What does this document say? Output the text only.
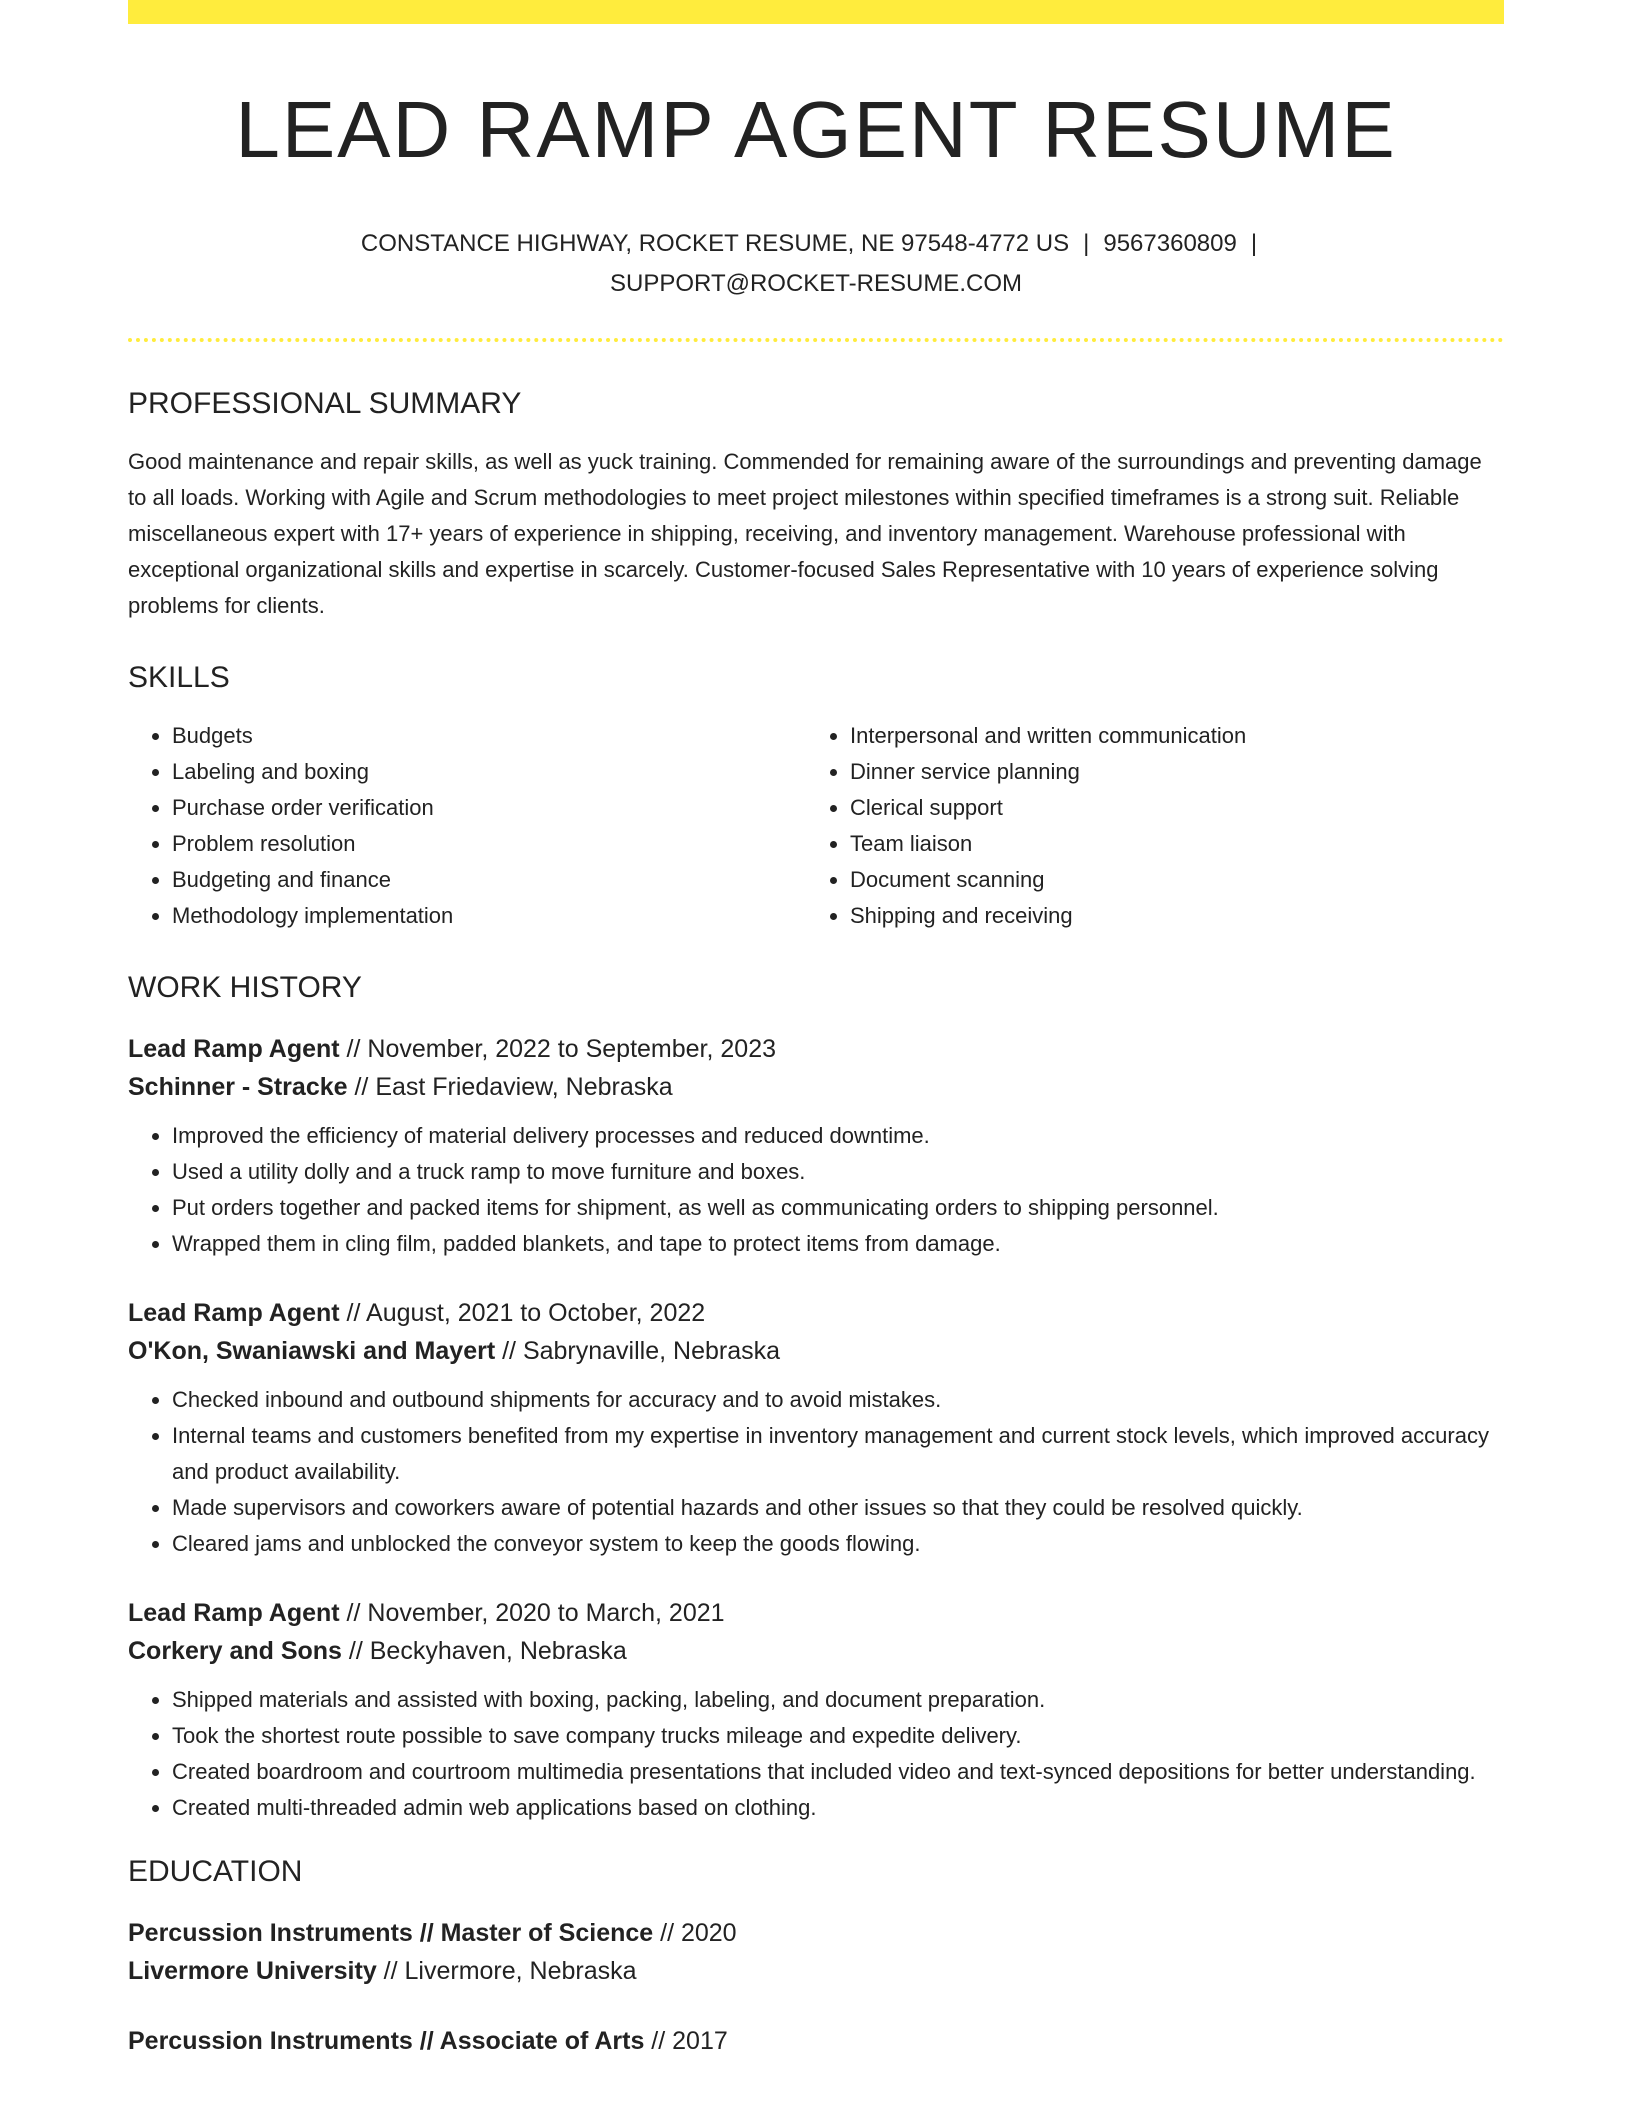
LEAD RAMP AGENT RESUME
CONSTANCE HIGHWAY, ROCKET RESUME, NE 97548-4772 US | 9567360809 |
SUPPORT@ROCKET-RESUME.COM
PROFESSIONAL SUMMARY

Good maintenance and repair skills, as well as yuck training. Commended for remaining aware of the surroundings and preventing damage to all loads. Working with Agile and Scrum methodologies to meet project milestones within specified timeframes is a strong suit. Reliable miscellaneous expert with 17+ years of experience in shipping, receiving, and inventory management. Warehouse professional with exceptional organizational skills and expertise in scarcely. Customer-focused Sales Representative with 10 years of experience solving problems for clients.

SKILLS
• Budgets
• Labeling and boxing
• Purchase order verification
• Problem resolution
• Budgeting and finance
• Methodology implementation
• Interpersonal and written communication
• Dinner service planning
• Clerical support
• Team liaison
• Document scanning
• Shipping and receiving
WORK HISTORY
Lead Ramp Agent // November, 2022 to September, 2023
Schinner - Stracke // East Friedaview, Nebraska
• Improved the efficiency of material delivery processes and reduced downtime.
• Used a utility dolly and a truck ramp to move furniture and boxes.
• Put orders together and packed items for shipment, as well as communicating orders to shipping personnel.
• Wrapped them in cling film, padded blankets, and tape to protect items from damage.
Lead Ramp Agent // August, 2021 to October, 2022
O'Kon, Swaniawski and Mayert // Sabrynaville, Nebraska
• Checked inbound and outbound shipments for accuracy and to avoid mistakes.
• Internal teams and customers benefited from my expertise in inventory management and current stock levels, which improved accuracy and product availability.
• Made supervisors and coworkers aware of potential hazards and other issues so that they could be resolved quickly.
• Cleared jams and unblocked the conveyor system to keep the goods flowing.
Lead Ramp Agent // November, 2020 to March, 2021
Corkery and Sons // Beckyhaven, Nebraska
• Shipped materials and assisted with boxing, packing, labeling, and document preparation.
• Took the shortest route possible to save company trucks mileage and expedite delivery.
• Created boardroom and courtroom multimedia presentations that included video and text-synced depositions for better understanding.
• Created multi-threaded admin web applications based on clothing.
EDUCATION
Percussion Instruments // Master of Science // 2020
Livermore University // Livermore, Nebraska
Percussion Instruments // Associate of Arts // 2017
